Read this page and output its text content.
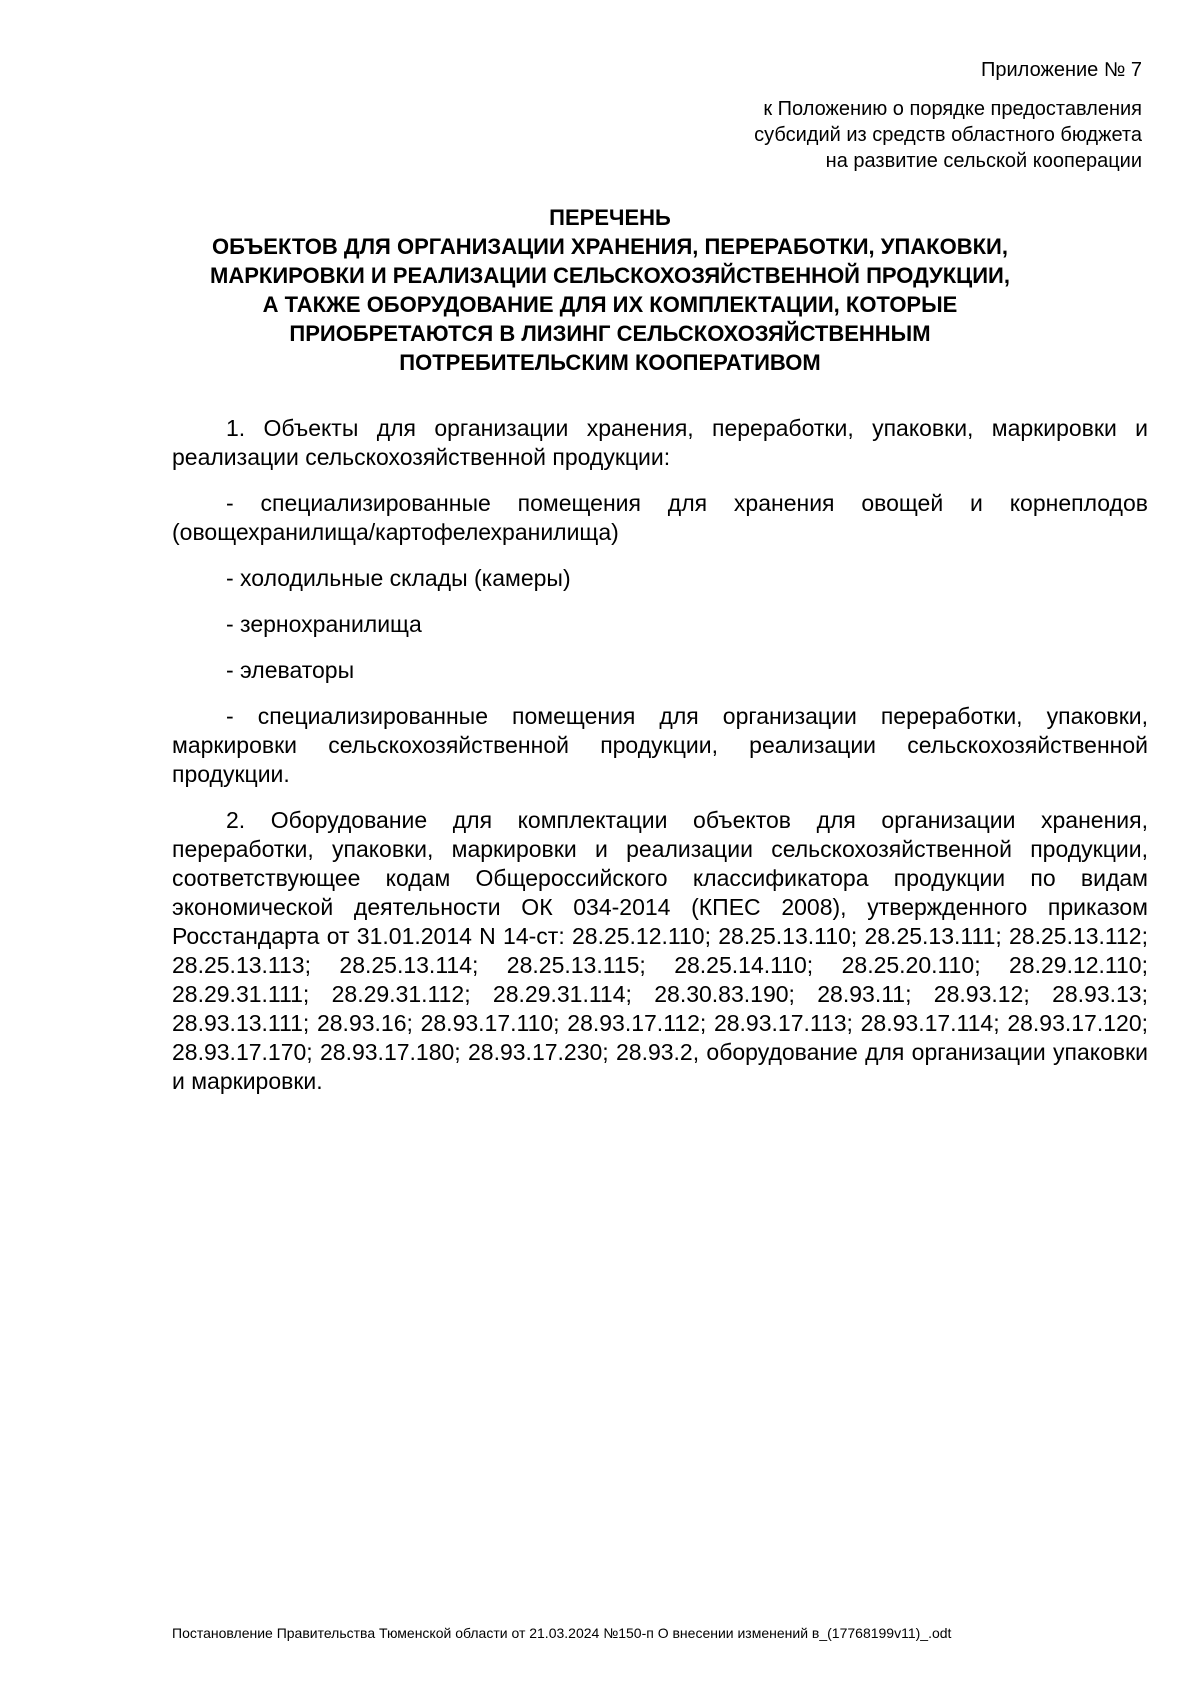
Приложение № 7
к Положению о порядке предоставления
субсидий из средств областного бюджета
на развитие сельской кооперации
ПЕРЕЧЕНЬ
ОБЪЕКТОВ ДЛЯ ОРГАНИЗАЦИИ ХРАНЕНИЯ, ПЕРЕРАБОТКИ, УПАКОВКИ,
МАРКИРОВКИ И РЕАЛИЗАЦИИ СЕЛЬСКОХОЗЯЙСТВЕННОЙ ПРОДУКЦИИ,
А ТАКЖЕ ОБОРУДОВАНИЕ ДЛЯ ИХ КОМПЛЕКТАЦИИ, КОТОРЫЕ
ПРИОБРЕТАЮТСЯ В ЛИЗИНГ СЕЛЬСКОХОЗЯЙСТВЕННЫМ
ПОТРЕБИТЕЛЬСКИМ КООПЕРАТИВОМ

1. Объекты для организации хранения, переработки, упаковки, маркировки и реализации сельскохозяйственной продукции:

- специализированные помещения для хранения овощей и корнеплодов (овощехранилища/картофелехранилища)

- холодильные склады (камеры)

- зернохранилища

- элеваторы

- специализированные помещения для организации переработки, упаковки, маркировки сельскохозяйственной продукции, реализации сельскохозяйственной продукции.

2. Оборудование для комплектации объектов для организации хранения, переработки, упаковки, маркировки и реализации сельскохозяйственной продукции, соответствующее кодам Общероссийского классификатора продукции по видам экономической деятельности ОК 034-2014 (КПЕС 2008), утвержденного приказом Росстандарта от 31.01.2014 N 14-ст: 28.25.12.110; 28.25.13.110; 28.25.13.111; 28.25.13.112; 28.25.13.113; 28.25.13.114; 28.25.13.115; 28.25.14.110; 28.25.20.110; 28.29.12.110; 28.29.31.111; 28.29.31.112; 28.29.31.114; 28.30.83.190; 28.93.11; 28.93.12; 28.93.13; 28.93.13.111; 28.93.16; 28.93.17.110; 28.93.17.112; 28.93.17.113; 28.93.17.114; 28.93.17.120; 28.93.17.170; 28.93.17.180; 28.93.17.230; 28.93.2, оборудование для организации упаковки и маркировки.

Постановление Правительства Тюменской области от 21.03.2024 №150-п О внесении изменений в_(17768199v11)_.odt
